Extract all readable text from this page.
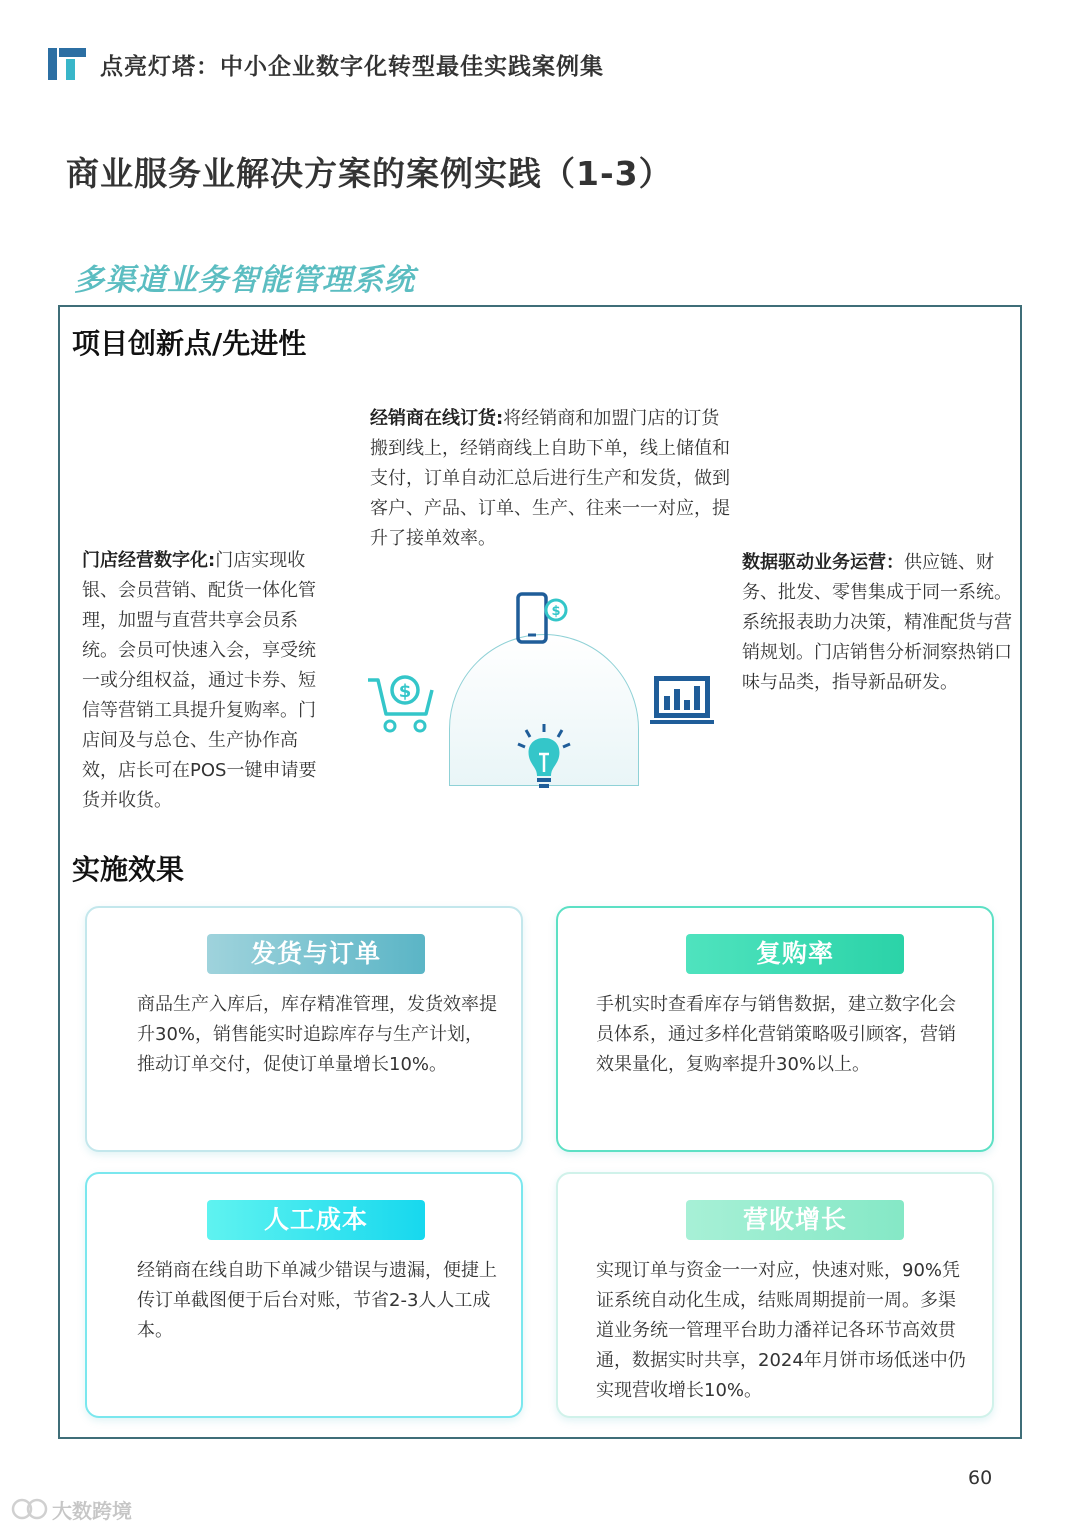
点亮灯塔：中小企业数字化转型最佳实践案例集
商业服务业解决方案的案例实践（1-3）
多渠道业务智能管理系统
项目创新点/先进性
经销商在线订货:将经销商和加盟门店的订货搬到线上，经销商线上自助下单，线上储值和支付，订单自动汇总后进行生产和发货，做到客户、产品、订单、生产、往来一一对应，提升了接单效率。
门店经营数字化:门店实现收银、会员营销、配货一体化管理，加盟与直营共享会员系统。会员可快速入会，享受统一或分组权益，通过卡券、短信等营销工具提升复购率。门店间及与总仓、生产协作高效，店长可在POS一键申请要货并收货。
数据驱动业务运营：供应链、财务、批发、零售集成于同一系统。系统报表助力决策，精准配货与营销规划。门店销售分析洞察热销口味与品类，指导新品研发。
$
$
实施效果
发货与订单
商品生产入库后，库存精准管理，发货效率提升30%，销售能实时追踪库存与生产计划，推动订单交付，促使订单量增长10%。
复购率
手机实时查看库存与销售数据，建立数字化会员体系，通过多样化营销策略吸引顾客，营销效果量化，复购率提升30%以上。
人工成本
经销商在线自助下单减少错误与遗漏，便捷上传订单截图便于后台对账，节省2-3人人工成本。
营收增长
实现订单与资金一一对应，快速对账，90%凭证系统自动化生成，结账周期提前一周。多渠道业务统一管理平台助力潘祥记各环节高效贯通，数据实时共享，2024年月饼市场低迷中仍实现营收增长10%。
60
大数跨境
